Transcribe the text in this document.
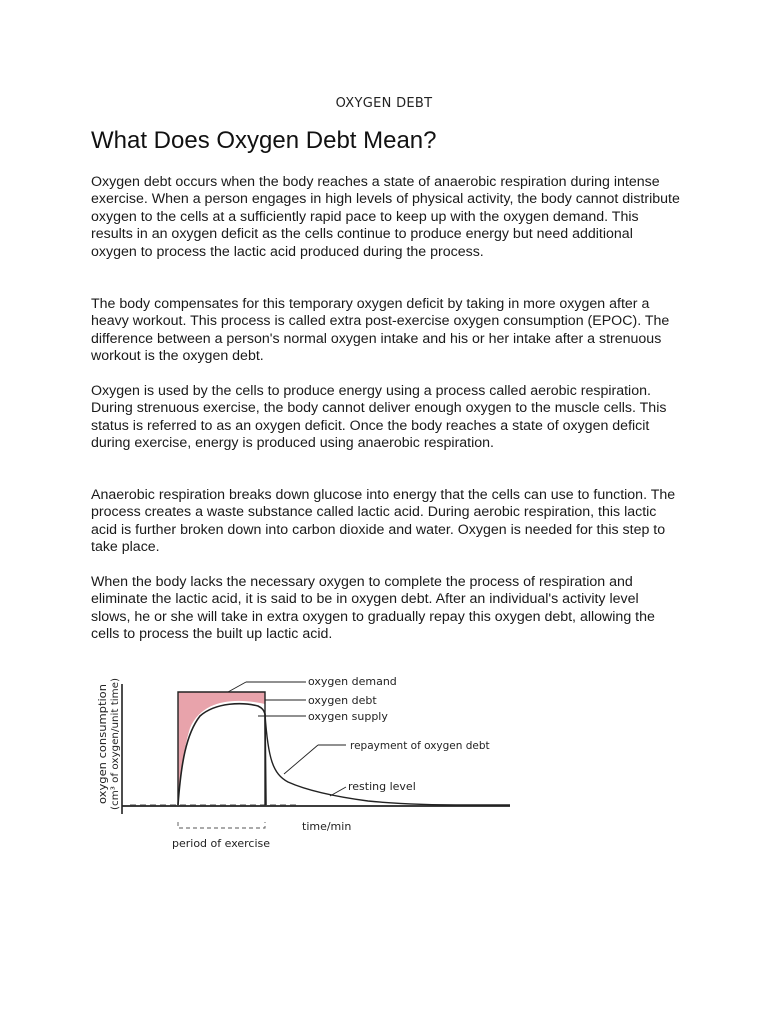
OXYGEN DEBT
What Does Oxygen Debt Mean?

Oxygen debt occurs when the body reaches a state of anaerobic respiration during intense exercise. When a person engages in high levels of physical activity, the body cannot distribute oxygen to the cells at a sufficiently rapid pace to keep up with the oxygen demand. This results in an oxygen deficit as the cells continue to produce energy but need additional oxygen to process the lactic acid produced during the process.

The body compensates for this temporary oxygen deficit by taking in more oxygen after a heavy workout. This process is called extra post-exercise oxygen consumption (EPOC). The difference between a person's normal oxygen intake and his or her intake after a strenuous workout is the oxygen debt.

Oxygen is used by the cells to produce energy using a process called aerobic respiration. During strenuous exercise, the body cannot deliver enough oxygen to the muscle cells. This status is referred to as an oxygen deficit. Once the body reaches a state of oxygen deficit during exercise, energy is produced using anaerobic respiration.

Anaerobic respiration breaks down glucose into energy that the cells can use to function. The process creates a waste substance called lactic acid. During aerobic respiration, this lactic acid is further broken down into carbon dioxide and water. Oxygen is needed for this step to take place.

When the body lacks the necessary oxygen to complete the process of respiration and eliminate the lactic acid, it is said to be in oxygen debt. After an individual's activity level slows, he or she will take in extra oxygen to gradually repay this oxygen debt, allowing the cells to process the built up lactic acid.

oxygen demand
oxygen debt
oxygen supply
repayment of oxygen debt
resting level
oxygen consumption (cm³ of oxygen/unit time)
time/min
period of exercise
